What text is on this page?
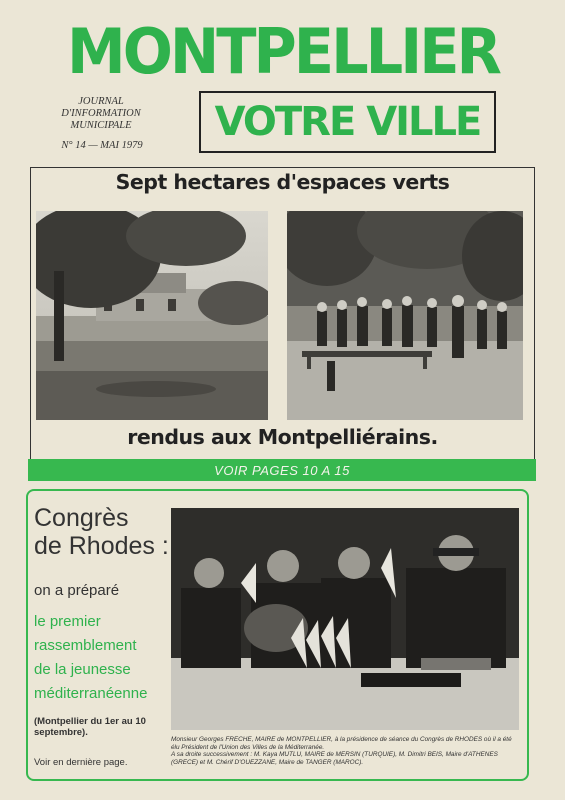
MONTPELLIER
JOURNAL
D'INFORMATION
MUNICIPALE
N° 14 — MAI 1979
VOTRE VILLE
Sept hectares d'espaces verts
rendus aux Montpelliérains.
VOIR PAGES 10 A 15
Congrès
de Rhodes :
on a préparé
le premier
rassemblement
de la jeunesse
méditerranéenne
(Montpellier du 1er au 10 septembre).
Voir en dernière page.
Monsieur Georges FRECHE, MAIRE de MONTPELLIER, à la présidence de séance du Congrès de RHODES où il a été
élu Président de l'Union des Villes de la Méditerranée.
A sa droite successivement : M. Kaya MUTLU, MAIRE de MERSIN (TURQUIE), M. Dimitri BEIS, Maire d'ATHENES
(GRECE) et M. Chérif D'OUEZZANE, Maire de TANGER (MAROC).
